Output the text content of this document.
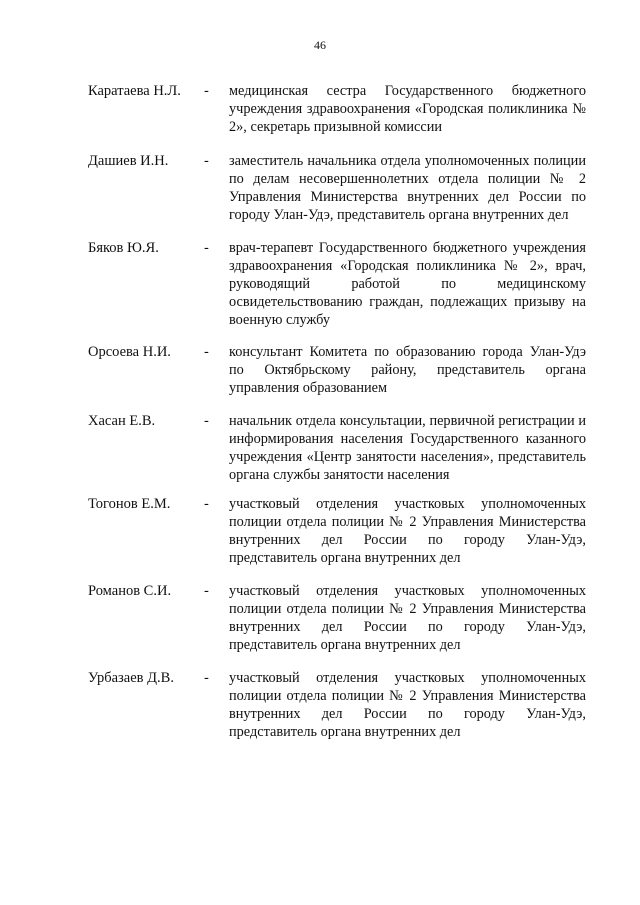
46
Каратаева Н.Л.	-	медицинская сестра Государственного бюджетного учреждения здравоохранения «Городская поликлиника № 2», секретарь призывной комиссии
Дашиев И.Н.	-	заместитель начальника отдела уполномоченных полиции по делам несовершеннолетних отдела полиции № 2 Управления Министерства внутренних дел России по городу Улан-Удэ, представитель органа внутренних дел
Бяков Ю.Я.	-	врач-терапевт Государственного бюджетного учреждения здравоохранения «Городская поликлиника № 2», врач, руководящий работой по медицинскому освидетельствованию граждан, подлежащих призыву на военную службу
Орсоева Н.И.	-	консультант Комитета по образованию города Улан-Удэ по Октябрьскому району, представитель органа управления образованием
Хасан Е.В.	-	начальник отдела консультации, первичной регистрации и информирования населения Государственного казанного учреждения «Центр занятости населения», представитель органа службы занятости населения
Тогонов Е.М.	-	участковый отделения участковых уполномоченных полиции отдела полиции № 2 Управления Министерства внутренних дел России по городу Улан-Удэ, представитель органа внутренних дел
Романов С.И.	-	участковый отделения участковых уполномоченных полиции отдела полиции № 2 Управления Министерства внутренних дел России по городу Улан-Удэ, представитель органа внутренних дел
Урбазаев Д.В.	-	участковый отделения участковых уполномоченных полиции отдела полиции № 2 Управления Министерства внутренних дел России по городу Улан-Удэ, представитель органа внутренних дел
